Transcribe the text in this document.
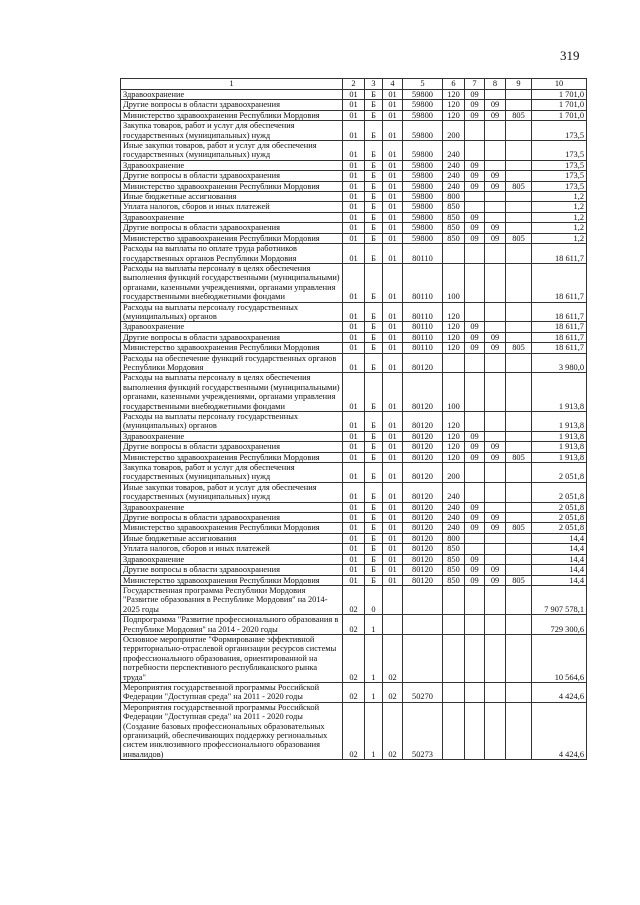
319
1	2	3	4	5	6	7	8	9	10
Здравоохранение	01	Б	01	59800	120	09			1 701,0
Другие вопросы в области здравоохранения	01	Б	01	59800	120	09	09		1 701,0
Министерство здравоохранения Республики Мордовия	01	Б	01	59800	120	09	09	805	1 701,0
Закупка товаров, работ и услуг для обеспечения государственных (муниципальных) нужд	01	Б	01	59800	200				173,5
Иные закупки товаров, работ и услуг для обеспечения государственных (муниципальных) нужд	01	Б	01	59800	240				173,5
Здравоохранение	01	Б	01	59800	240	09			173,5
Другие вопросы в области здравоохранения	01	Б	01	59800	240	09	09		173,5
Министерство здравоохранения Республики Мордовия	01	Б	01	59800	240	09	09	805	173,5
Иные бюджетные ассигнования	01	Б	01	59800	800				1,2
Уплата налогов, сборов и иных платежей	01	Б	01	59800	850				1,2
Здравоохранение	01	Б	01	59800	850	09			1,2
Другие вопросы в области здравоохранения	01	Б	01	59800	850	09	09		1,2
Министерство здравоохранения Республики Мордовия	01	Б	01	59800	850	09	09	805	1,2
Расходы на выплаты по оплате труда работников государственных органов Республики Мордовия	01	Б	01	80110					18 611,7
Расходы на выплаты персоналу в целях обеспечения выполнения функций государственными (муниципальными) органами, казенными учреждениями, органами управления государственными внебюджетными фондами	01	Б	01	80110	100				18 611,7
Расходы на выплаты персоналу государственных (муниципальных) органов	01	Б	01	80110	120				18 611,7
Здравоохранение	01	Б	01	80110	120	09			18 611,7
Другие вопросы в области здравоохранения	01	Б	01	80110	120	09	09		18 611,7
Министерство здравоохранения Республики Мордовия	01	Б	01	80110	120	09	09	805	18 611,7
Расходы на обеспечение функций государственных органов Республики Мордовия	01	Б	01	80120					3 980,0
Расходы на выплаты персоналу в целях обеспечения выполнения функций государственными (муниципальными) органами, казенными учреждениями, органами управления государственными внебюджетными фондами	01	Б	01	80120	100				1 913,8
Расходы на выплаты персоналу государственных (муниципальных) органов	01	Б	01	80120	120				1 913,8
Здравоохранение	01	Б	01	80120	120	09			1 913,8
Другие вопросы в области здравоохранения	01	Б	01	80120	120	09	09		1 913,8
Министерство здравоохранения Республики Мордовия	01	Б	01	80120	120	09	09	805	1 913,8
Закупка товаров, работ и услуг для обеспечения государственных (муниципальных) нужд	01	Б	01	80120	200				2 051,8
Иные закупки товаров, работ и услуг для обеспечения государственных (муниципальных) нужд	01	Б	01	80120	240				2 051,8
Здравоохранение	01	Б	01	80120	240	09			2 051,8
Другие вопросы в области здравоохранения	01	Б	01	80120	240	09	09		2 051,8
Министерство здравоохранения Республики Мордовия	01	Б	01	80120	240	09	09	805	2 051,8
Иные бюджетные ассигнования	01	Б	01	80120	800				14,4
Уплата налогов, сборов и иных платежей	01	Б	01	80120	850				14,4
Здравоохранение	01	Б	01	80120	850	09			14,4
Другие вопросы в области здравоохранения	01	Б	01	80120	850	09	09		14,4
Министерство здравоохранения Республики Мордовия	01	Б	01	80120	850	09	09	805	14,4
Государственная программа Республики Мордовия "Развитие образования в Республике Мордовия" на 2014-2025 годы	02	0							7 907 578,1
Подпрограмма "Развитие профессионального образования в Республике Мордовия" на 2014 - 2020 годы	02	1							729 300,6
Основное мероприятие "Формирование эффективной территориально-отраслевой организации ресурсов системы профессионального образования, ориентированной на потребности перспективного республиканского рынка труда"	02	1	02						10 564,6
Мероприятия государственной программы Российской Федерации "Доступная среда" на 2011 - 2020 годы	02	1	02	50270					4 424,6
Мероприятия государственной программы Российской Федерации "Доступная среда" на 2011 - 2020 годы (Создание базовых профессиональных образовательных организаций, обеспечивающих поддержку региональных систем инклюзивного профессионального образования инвалидов)	02	1	02	50273					4 424,6
